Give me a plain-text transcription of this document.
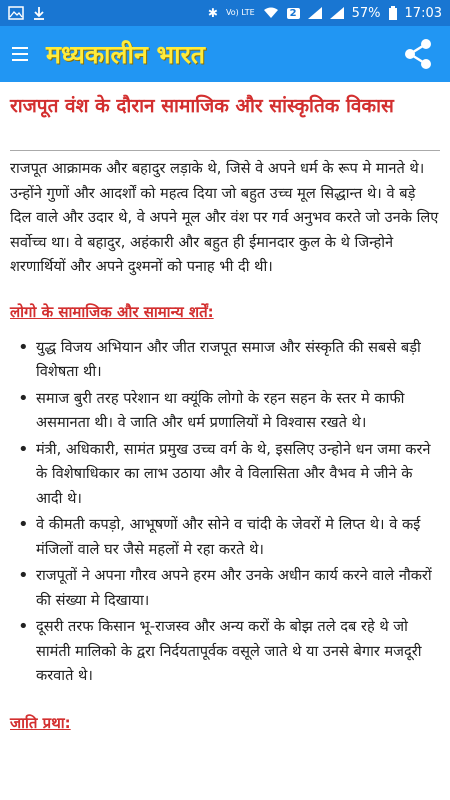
✱ Vo) LTE	2	57% 17:03
मध्यकालीन भारत
राजपूत वंश के दौरान सामाजिक और सांस्कृतिक विकास

राजपूत आक्रामक और बहादुर लड़ाके थे, जिसे वे अपने धर्म के रूप मे मानते थे। उन्होंने गुणों और आदर्शों को महत्व दिया जो बहुत उच्च मूल सिद्धान्त थे। वे बड़े दिल वाले और उदार थे, वे अपने मूल और वंश पर गर्व अनुभव करते जो उनके लिए सर्वोच्च था। वे बहादुर, अहंकारी और बहुत ही ईमानदार कुल के थे जिन्होने शरणार्थियों और अपने दुश्मनों को पनाह भी दी थी।

लोगो के सामाजिक और सामान्य शर्तें:
• युद्ध विजय अभियान और जीत राजपूत समाज और संस्कृति की सबसे बड़ी विशेषता थी।
• समाज बुरी तरह परेशान था क्यूंकि लोगो के रहन सहन के स्तर मे काफी असमानता थी। वे जाति और धर्म प्रणालियों मे विश्वास रखते थे।
• मंत्री, अधिकारी, सामंत प्रमुख उच्च वर्ग के थे, इसलिए उन्होने धन जमा करने के विशेषाधिकार का लाभ उठाया और वे विलासिता और वैभव मे जीने के आदी थे।
• वे कीमती कपड़ो, आभूषणों और सोने व चांदी के जेवरों मे लिप्त थे। वे कई मंजिलों वाले घर जैसे महलों मे रहा करते थे।
• राजपूतों ने अपना गौरव अपने हरम और उनके अधीन कार्य करने वाले नौकरों की संख्या मे दिखाया।
• दूसरी तरफ किसान भू-राजस्व और अन्य करों के बोझ तले दब रहे थे जो सामंती मालिको के द्वरा निर्दयतापूर्वक वसूले जाते थे या उनसे बेगार मजदूरी करवाते थे।
जाति प्रथा:
